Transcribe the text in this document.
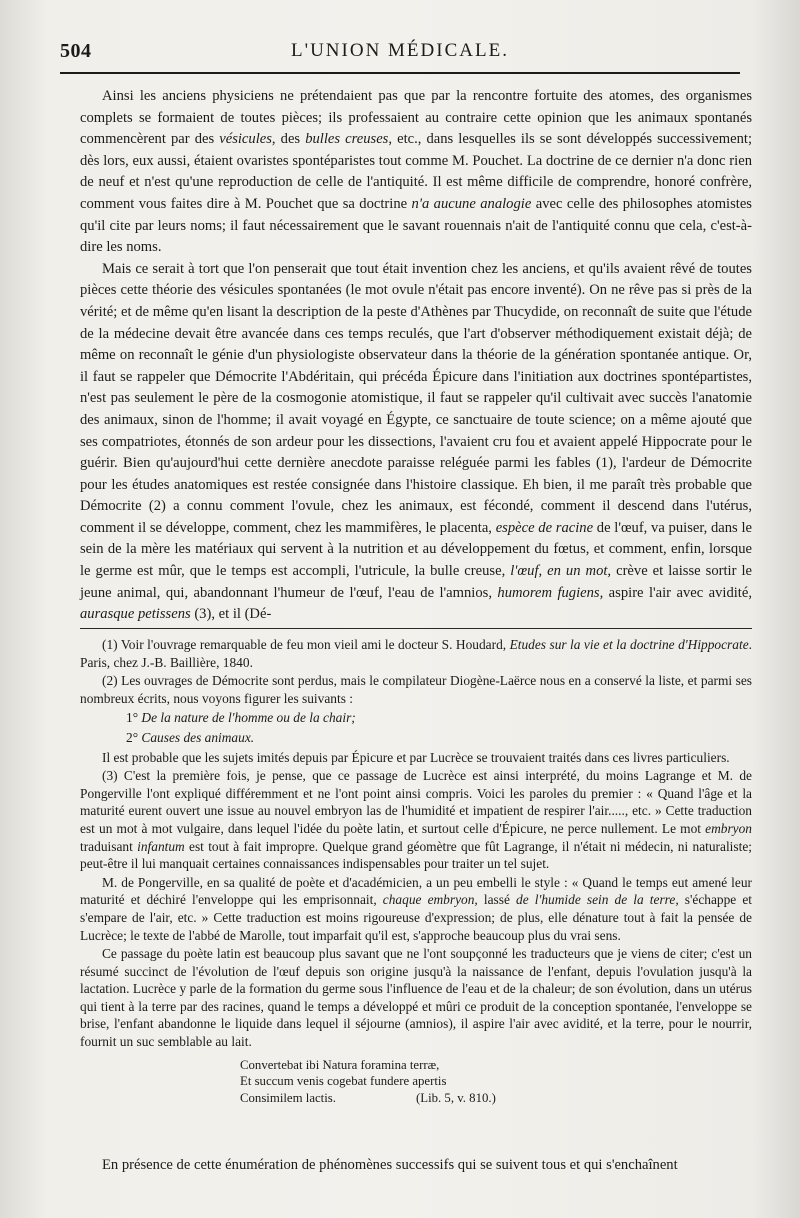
504	L'UNION MÉDICALE.

Ainsi les anciens physiciens ne prétendaient pas que par la rencontre fortuite des atomes, des organismes complets se formaient de toutes pièces; ils professaient au contraire cette opinion que les animaux spontanés commencèrent par des vésicules, des bulles creuses, etc., dans lesquelles ils se sont développés successivement; dès lors, eux aussi, étaient ovaristes spontéparistes tout comme M. Pouchet. La doctrine de ce dernier n'a donc rien de neuf et n'est qu'une reproduction de celle de l'antiquité. Il est même difficile de comprendre, honoré confrère, comment vous faites dire à M. Pouchet que sa doctrine n'a aucune analogie avec celle des philosophes atomistes qu'il cite par leurs noms; il faut nécessairement que le savant rouennais n'ait de l'antiquité connu que cela, c'est-à-dire les noms.

Mais ce serait à tort que l'on penserait que tout était invention chez les anciens, et qu'ils avaient rêvé de toutes pièces cette théorie des vésicules spontanées (le mot ovule n'était pas encore inventé). On ne rêve pas si près de la vérité; et de même qu'en lisant la description de la peste d'Athènes par Thucydide, on reconnaît de suite que l'étude de la médecine devait être avancée dans ces temps reculés, que l'art d'observer méthodiquement existait déjà; de même on reconnaît le génie d'un physiologiste observateur dans la théorie de la génération spontanée antique. Or, il faut se rappeler que Démocrite l'Abdéritain, qui précéda Épicure dans l'initiation aux doctrines spontépartistes, n'est pas seulement le père de la cosmogonie atomistique, il faut se rappeler qu'il cultivait avec succès l'anatomie des animaux, sinon de l'homme; il avait voyagé en Égypte, ce sanctuaire de toute science; on a même ajouté que ses compatriotes, étonnés de son ardeur pour les dissections, l'avaient cru fou et avaient appelé Hippocrate pour le guérir. Bien qu'aujourd'hui cette dernière anecdote paraisse reléguée parmi les fables (1), l'ardeur de Démocrite pour les études anatomiques est restée consignée dans l'histoire classique. Eh bien, il me paraît très probable que Démocrite (2) a connu comment l'ovule, chez les animaux, est fécondé, comment il descend dans l'utérus, comment il se développe, comment, chez les mammifères, le placenta, espèce de racine de l'œuf, va puiser, dans le sein de la mère les matériaux qui servent à la nutrition et au développement du fœtus, et comment, enfin, lorsque le germe est mûr, que le temps est accompli, l'utricule, la bulle creuse, l'œuf, en un mot, crève et laisse sortir le jeune animal, qui, abandonnant l'humeur de l'œuf, l'eau de l'amnios, humorem fugiens, aspire l'air avec avidité, aurasque petissens (3), et il (Dé-

(1) Voir l'ouvrage remarquable de feu mon vieil ami le docteur S. Houdard, Etudes sur la vie et la doctrine d'Hippocrate. Paris, chez J.-B. Baillière, 1840.

(2) Les ouvrages de Démocrite sont perdus, mais le compilateur Diogène-Laërce nous en a conservé la liste, et parmi ses nombreux écrits, nous voyons figurer les suivants :

1° De la nature de l'homme ou de la chair;

2° Causes des animaux.

Il est probable que les sujets imités depuis par Épicure et par Lucrèce se trouvaient traités dans ces livres particuliers.

(3) C'est la première fois, je pense, que ce passage de Lucrèce est ainsi interprété, du moins Lagrange et M. de Pongerville l'ont expliqué différemment et ne l'ont point ainsi compris. Voici les paroles du premier : « Quand l'âge et la maturité eurent ouvert une issue au nouvel embryon las de l'humidité et impatient de respirer l'air....., etc. » Cette traduction est un mot à mot vulgaire, dans lequel l'idée du poète latin, et surtout celle d'Épicure, ne perce nullement. Le mot embryon traduisant infantum est tout à fait impropre. Quelque grand géomètre que fût Lagrange, il n'était ni médecin, ni naturaliste; peut-être il lui manquait certaines connaissances indispensables pour traiter un tel sujet.

M. de Pongerville, en sa qualité de poète et d'académicien, a un peu embelli le style : « Quand le temps eut amené leur maturité et déchiré l'enveloppe qui les emprisonnait, chaque embryon, lassé de l'humide sein de la terre, s'échappe et s'empare de l'air, etc. » Cette traduction est moins rigoureuse d'expression; de plus, elle dénature tout à fait la pensée de Lucrèce; le texte de l'abbé de Marolle, tout imparfait qu'il est, s'approche beaucoup plus du vrai sens.

Ce passage du poète latin est beaucoup plus savant que ne l'ont soupçonné les traducteurs que je viens de citer; c'est un résumé succinct de l'évolution de l'œuf depuis son origine jusqu'à la naissance de l'enfant, depuis l'ovulation jusqu'à la lactation. Lucrèce y parle de la formation du germe sous l'influence de l'eau et de la chaleur; de son évolution, dans un utérus qui tient à la terre par des racines, quand le temps a développé et mûri ce produit de la conception spontanée, l'enveloppe se brise, l'enfant abandonne le liquide dans lequel il séjourne (amnios), il aspire l'air avec avidité, et la terre, pour le nourrir, fournit un suc semblable au lait.

Convertebat ibi Natura foramina terræ,
Et succum venis cogebat fundere apertis
Consimilem lactis.	(Lib. 5, v. 810.)

En présence de cette énumération de phénomènes successifs qui se suivent tous et qui s'enchaînent
